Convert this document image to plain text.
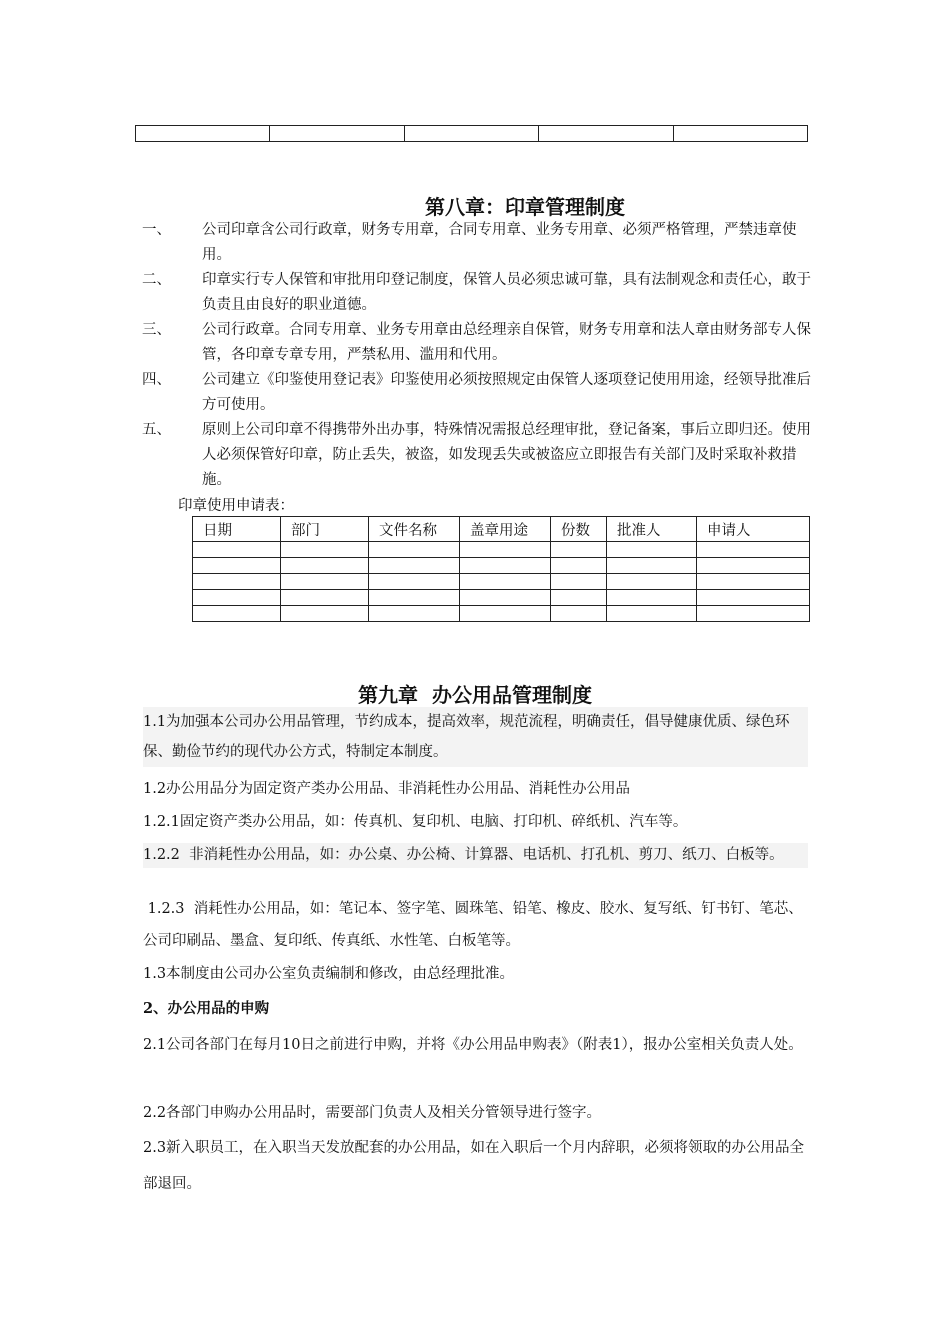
第八章：印章管理制度
一、	公司印章含公司行政章，财务专用章，合同专用章、业务专用章、必须严格管理，严禁违章使用。
二、	印章实行专人保管和审批用印登记制度，保管人员必须忠诚可靠，具有法制观念和责任心，敢于负责且由良好的职业道德。
三、	公司行政章。合同专用章、业务专用章由总经理亲自保管，财务专用章和法人章由财务部专人保管，各印章专章专用，严禁私用、滥用和代用。
四、	公司建立《印鉴使用登记表》印鉴使用必须按照规定由保管人逐项登记使用用途，经领导批准后方可使用。
五、	原则上公司印章不得携带外出办事，特殊情况需报总经理审批，登记备案，事后立即归还。使用人必须保管好印章，防止丢失，被盗，如发现丢失或被盗应立即报告有关部门及时采取补救措施。
印章使用申请表：
日期	部门	文件名称	盖章用途	份数	批准人	申请人

第九章  办公用品管理制度
1.1为加强本公司办公用品管理，节约成本，提高效率，规范流程，明确责任，倡导健康优质、绿色环保、勤俭节约的现代办公方式，特制定本制度。
1.2办公用品分为固定资产类办公用品、非消耗性办公用品、消耗性办公用品
1.2.1固定资产类办公用品，如：传真机、复印机、电脑、打印机、碎纸机、汽车等。
1.2.2  非消耗性办公用品，如：办公桌、办公椅、计算器、电话机、打孔机、剪刀、纸刀、白板等。
1.2.3  消耗性办公用品，如：笔记本、签字笔、圆珠笔、铅笔、橡皮、胶水、复写纸、钉书钉、笔芯、公司印刷品、墨盒、复印纸、传真纸、水性笔、白板笔等。
1.3本制度由公司办公室负责编制和修改，由总经理批准。
2、办公用品的申购
2.1公司各部门在每月10日之前进行申购，并将《办公用品申购表》（附表1），报办公室相关负责人处。
2.2各部门申购办公用品时，需要部门负责人及相关分管领导进行签字。
2.3新入职员工，在入职当天发放配套的办公用品，如在入职后一个月内辞职，必须将领取的办公用品全部退回。
